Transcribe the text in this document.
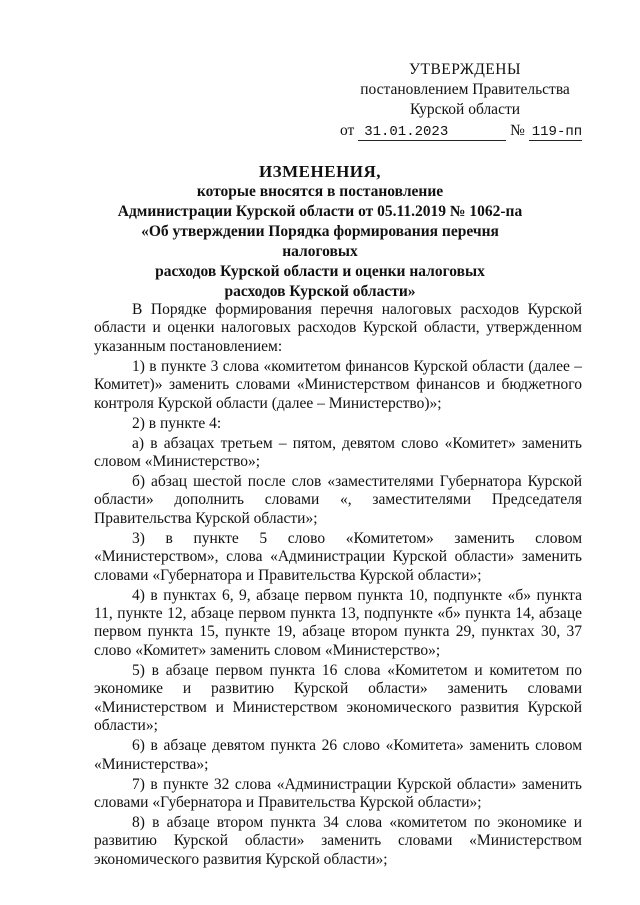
УТВЕРЖДЕНЫ
постановлением Правительства
Курской области
от 31.01.2023	№ 119-пп
ИЗМЕНЕНИЯ,
которые вносятся в постановление
Администрации Курской области от 05.11.2019 № 1062-па
«Об утверждении Порядка формирования перечня налоговых
расходов Курской области и оценки налоговых
расходов Курской области»

В Порядке формирования перечня налоговых расходов Курской области и оценки налоговых расходов Курской области, утвержденном указанным постановлением:

1) в пункте 3 слова «комитетом финансов Курской области (далее – Комитет)» заменить словами «Министерством финансов и бюджетного контроля Курской области (далее – Министерство)»;

2) в пункте 4:

а) в абзацах третьем – пятом, девятом слово «Комитет» заменить словом «Министерство»;

б) абзац шестой после слов «заместителями Губернатора Курской области» дополнить словами «, заместителями Председателя Правительства Курской области»;

3) в пункте 5 слово «Комитетом» заменить словом «Министерством», слова «Администрации Курской области» заменить словами «Губернатора и Правительства Курской области»;

4) в пунктах 6, 9, абзаце первом пункта 10, подпункте «б» пункта 11, пункте 12, абзаце первом пункта 13, подпункте «б» пункта 14, абзаце первом пункта 15, пункте 19, абзаце втором пункта 29, пунктах 30, 37 слово «Комитет» заменить словом «Министерство»;

5) в абзаце первом пункта 16 слова «Комитетом и комитетом по экономике и развитию Курской области» заменить словами «Министерством и Министерством экономического развития Курской области»;

6) в абзаце девятом пункта 26 слово «Комитета» заменить словом «Министерства»;

7) в пункте 32 слова «Администрации Курской области» заменить словами «Губернатора и Правительства Курской области»;

8) в абзаце втором пункта 34 слова «комитетом по экономике и развитию Курской области» заменить словами «Министерством экономического развития Курской области»;
